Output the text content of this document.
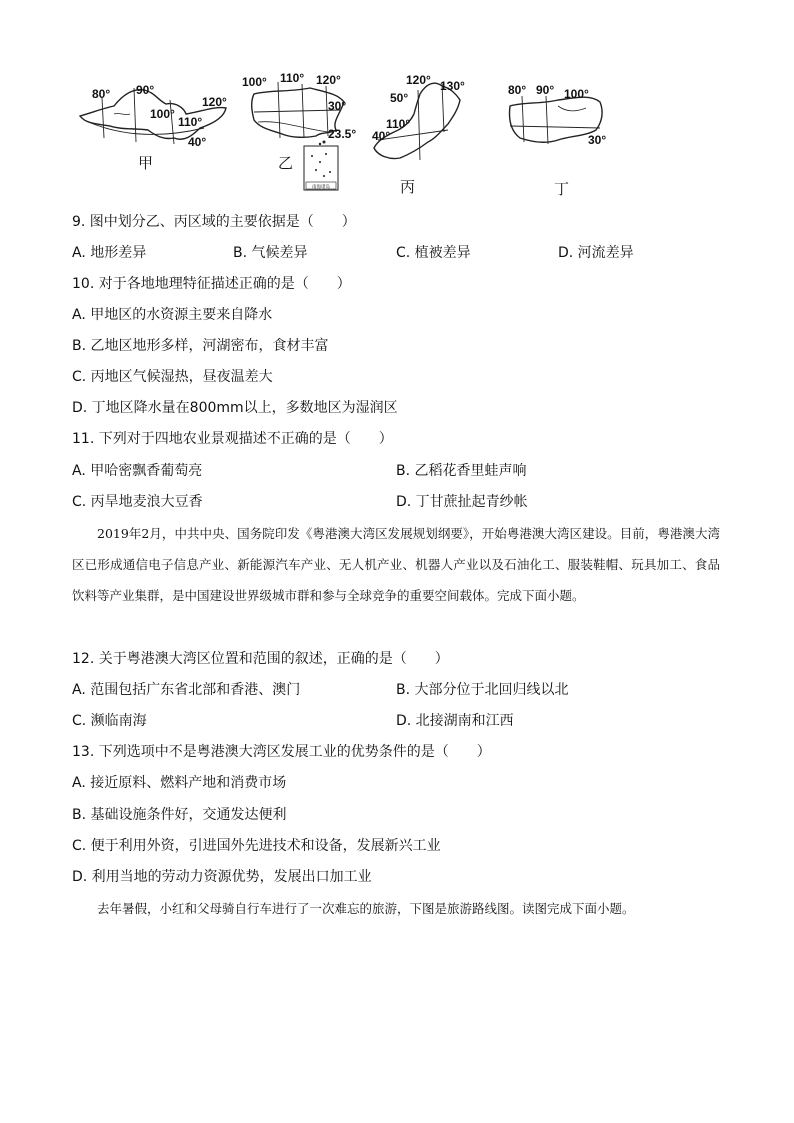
80° 90°
100°
110°
120°
40°
甲
100° 110° 120°
30°
23.5°
南海诸岛
乙
120° 130°
50°
110°
40°
丙
80° 90° 100°
30°
丁
9. 图中划分乙、丙区域的主要依据是（　　）
A. 地形差异	B. 气候差异	C. 植被差异	D. 河流差异
10. 对于各地地理特征描述正确的是（　　）
A. 甲地区的水资源主要来自降水
B. 乙地区地形多样，河湖密布，食材丰富
C. 丙地区气候湿热，昼夜温差大
D. 丁地区降水量在800mm以上，多数地区为湿润区
11. 下列对于四地农业景观描述不正确的是（　　）
A. 甲哈密飘香葡萄亮	B. 乙稻花香里蛙声响
C. 丙旱地麦浪大豆香	D. 丁甘蔗扯起青纱帐

2019年2月，中共中央、国务院印发《粤港澳大湾区发展规划纲要》，开始粤港澳大湾区建设。目前，粤港澳大湾区已形成通信电子信息产业、新能源汽车产业、无人机产业、机器人产业以及石油化工、服装鞋帽、玩具加工、食品饮料等产业集群，是中国建设世界级城市群和参与全球竞争的重要空间载体。完成下面小题。

12. 关于粤港澳大湾区位置和范围的叙述，正确的是（　　）
A. 范围包括广东省北部和香港、澳门	B. 大部分位于北回归线以北
C. 濒临南海	D. 北接湖南和江西
13. 下列选项中不是粤港澳大湾区发展工业的优势条件的是（　　）
A. 接近原料、燃料产地和消费市场
B. 基础设施条件好，交通发达便利
C. 便于利用外资，引进国外先进技术和设备，发展新兴工业
D. 利用当地的劳动力资源优势，发展出口加工业

去年暑假，小红和父母骑自行车进行了一次难忘的旅游，下图是旅游路线图。读图完成下面小题。
